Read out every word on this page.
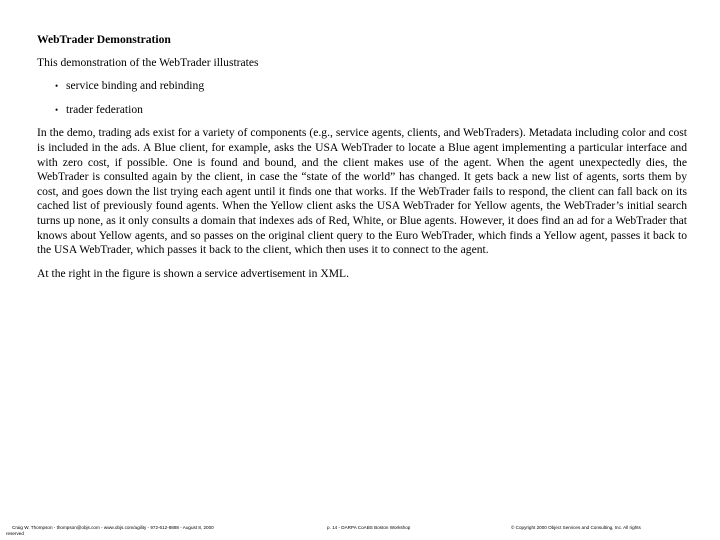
WebTrader Demonstration

This demonstration of the WebTrader illustrates

• service binding and rebinding
• trader federation

In the demo, trading ads exist for a variety of components (e.g., service agents, clients, and WebTraders). Metadata including color and cost is included in the ads. A Blue client, for example, asks the USA WebTrader to locate a Blue agent implementing a particular interface and with zero cost, if possible. One is found and bound, and the client makes use of the agent. When the agent unexpectedly dies, the WebTrader is consulted again by the client, in case the “state of the world” has changed. It gets back a new list of agents, sorts them by cost, and goes down the list trying each agent until it finds one that works. If the WebTrader fails to respond, the client can fall back on its cached list of previously found agents. When the Yellow client asks the USA WebTrader for Yellow agents, the WebTrader’s initial search turns up none, as it only consults a domain that indexes ads of Red, White, or Blue agents. However, it does find an ad for a WebTrader that knows about Yellow agents, and so passes on the original client query to the Euro WebTrader, which finds a Yellow agent, passes it back to the USA WebTrader, which passes it back to the client, which then uses it to connect to the agent.

At the right in the figure is shown a service advertisement in XML.

Craig W. Thompson - thompson@objs.com - www.objs.com/agility - 972-612-8888 - August 8, 2000
reserved
p. 14 - DARPA CoABS Boston Workshop	© Copyright 2000 Object Services and Consulting, Inc. All rights
